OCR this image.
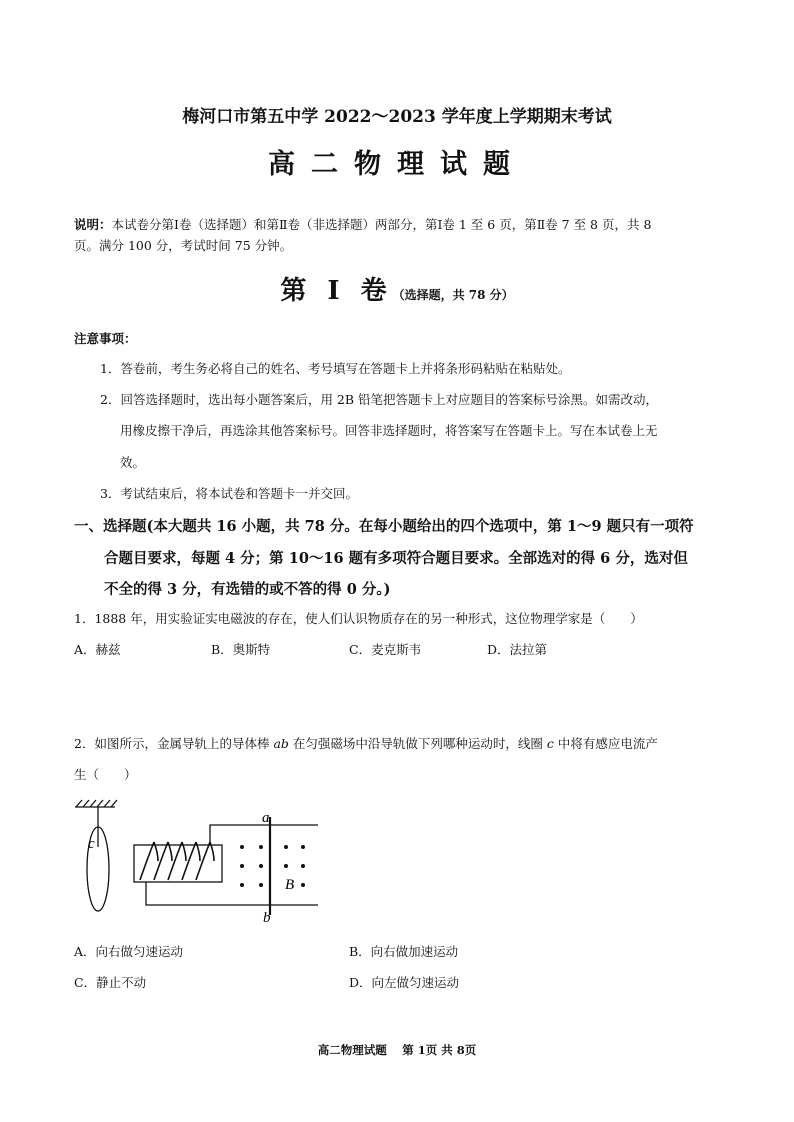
梅河口市第五中学 2022～2023 学年度上学期期末考试
高二物理试题
说明：本试卷分第Ⅰ卷（选择题）和第Ⅱ卷（非选择题）两部分，第Ⅰ卷 1 至 6 页，第Ⅱ卷 7 至 8 页，共 8
页。满分 100 分，考试时间 75 分钟。
第 I 卷（选择题，共 78 分）
注意事项：
1．答卷前，考生务必将自己的姓名、考号填写在答题卡上并将条形码粘贴在粘贴处。
2．回答选择题时，选出每小题答案后，用 2B 铅笔把答题卡上对应题目的答案标号涂黑。如需改动，
用橡皮擦干净后，再选涂其他答案标号。回答非选择题时，将答案写在答题卡上。写在本试卷上无
效。
3．考试结束后，将本试卷和答题卡一并交回。
一、选择题(本大题共 16 小题，共 78 分。在每小题给出的四个选项中，第 1～9 题只有一项符
合题目要求，每题 4 分；第 10～16 题有多项符合题目要求。全部选对的得 6 分，选对但
不全的得 3 分，有选错的或不答的得 0 分。)
1．1888 年，用实验证实电磁波的存在，使人们认识物质存在的另一种形式，这位物理学家是（　　）
A．赫兹	B．奥斯特	C．麦克斯韦	D．法拉第
2．如图所示，金属导轨上的导体棒 ab 在匀强磁场中沿导轨做下列哪种运动时，线圈 c 中将有感应电流产
生（　　）
a
b
c
B
A．向右做匀速运动	B．向右做加速运动
C．静止不动	D．向左做匀速运动
高二物理试题　 第 1页 共 8页
